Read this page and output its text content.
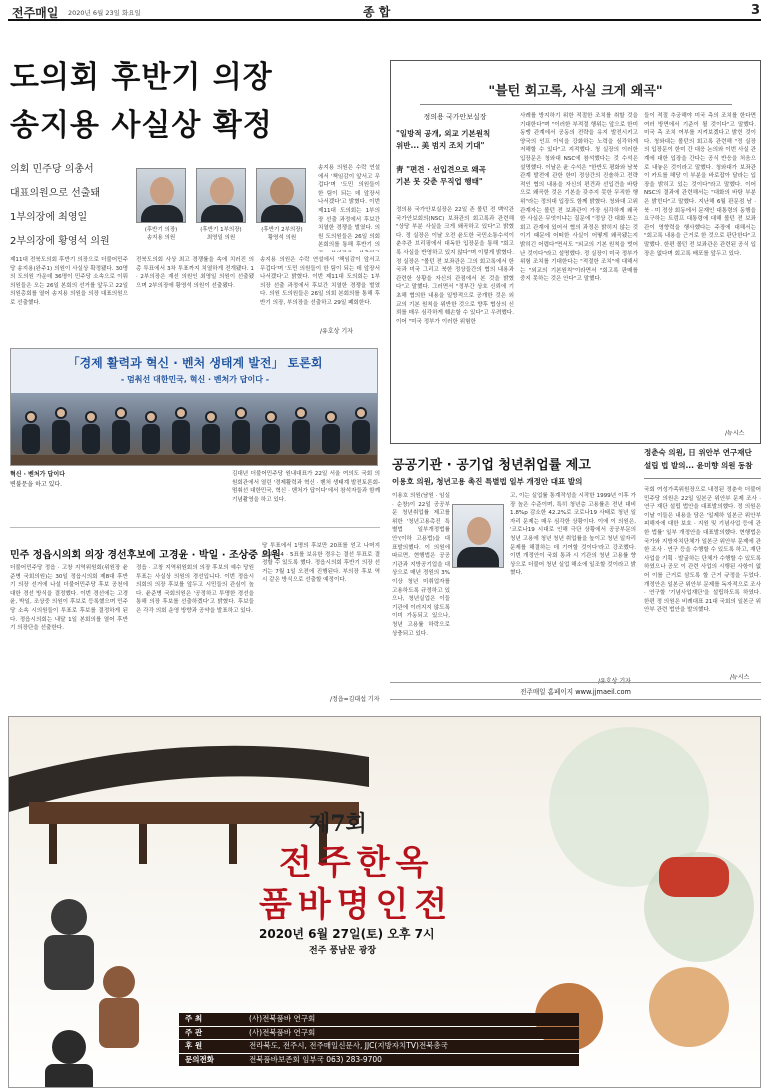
전주매일 2020년 6월 23일 화요일	종 합	3
도의회 후반기 의장
송지용 사실상 확정
의회 민주당 의총서
대표의원으로 선출돼
1부의장에 최영일
2부의장에 황영석 의원
(후반기 의장)
송지용 의원
(후반기 1부의장)
최영일 의원
(후반기 2부의장)
황영석 의원
송지용 의원은 수락 연설에서 '책임감이 앞서고 무겁다'며 '도민 의원들이 한 팀이 되는 데 앞장서 나서겠다'고 밝혔다. 이번 제11대 도의회는 1부의장 선출 과정에서 후보간 치열한 경쟁을 벌였다. 의원 도의원들은 26일 의회 본회의를 통해 후반기 의
제11대 전북도의회 후반기 의장으로 더불어민주당 송지용(완주1) 의원이 사실상 확정됐다. 30명의 도의원 가운데 36명이 민주당 소속으로 이뤄 의원들은 오는 26일 본회의 선거를 앞두고 22일 의원총회를 열어 송지용 의원을 의장 대표의원으로 선출했다.
전북도의회 사상 최고 경쟁률을 속에 치러진 의총 투표에서 3차 투표까지 치열하게 전개됐다. 1 · 2부의장은 재선 의원인 최영일 의원이 선출됐으며 2부의장에 황영석 의원이 선출됐다.
송지용 의원은 수락 연설에서 '책임감이 앞서고 무겁다'며 '도민 의원들이 한 팀이 되는 데 앞장서 나서겠다'고 밝혔다. 이번 제11대 도의회는 1부의장 선출 과정에서 후보간 치열한 경쟁을 벌였다. 의원 도의원들은 26일 의회 본회의를 통해 후반기 의장, 부의장을 선출하고 29일 폐회한다.
/유호상 기자
「경제 활력과 혁신 · 벤처 생태계 발전」 토론회
- 멈춰선 대한민국, 혁신 · 벤처가 답이다 -
혁신 · 벤처가 답이다
변불문을 하고 있다.
김대년 더불어민주당 원내대표가 22일 서울 여의도 국회 의원회관에서 열린 '경제활력과 혁신 · 벤처 생태계 발전토론회-멈춰선 대한민국, 혁신 · 벤처가 답이다'에서 참석자들과 함께 기념촬영을 하고 있다.
민주 정읍시의회 의장 경선후보에 고경윤 · 박일 · 조상중 의원
더불어민주당 정읍 · 고창 지역위원회(위원장 윤준병 국회의원)는 30일 정읍시의회 제8대 후반기 의장 선거에 나설 더불어민주당 후보 공천에 대한 경선 방식을 결정했다. 이번 경선에는 고경윤, 박일, 조상중 의원이 후보로 등록했으며 민주당 소속 시의원들이 투표로 후보를 결정하게 된다. 정읍시의회는 내달 1일 본회의를 열어 후반기 의장단을 선출한다.
정읍 · 고창 지역위원회의 의장 후보의 예수 당원투표는 사실상 의원의 경선입니다. 이번 정읍시의회의 의장 후보를 앞두고 시민들의 관심이 높다. 윤준병 국회의원은 '공정하고 투명한 경선을 통해 의장 후보를 선출하겠다'고 밝혔다. 후보들은 각각 의회 운영 방향과 공약을 발표하고 있다.
당 투표에서 1명의 후보만 20표를 얻고 나머지 후보가 4 · 5표를 보유한 경우는 결선 투표로 결정할 수 있도록 했다. 정읍시의회 후반기 의장 선거는 7월 1일 오전에 진행된다. 부의장 후보 역시 같은 방식으로 선출할 예정이다.
/정읍=김대섭 기자
"블턴 회고록, 사실 크게 왜곡"
정의용 국가안보실장
"일방적 공개, 외교 기본원칙
위반... 美 범지 조치 기대"
靑 "편견 · 선입견으로 왜곡
기본 못 갖춘 무직업 행태"
정의용 국가안보실장은 22일 존 볼턴 전 백악관 국가안보회의(NSC) 보좌관의 회고록과 관련해 "상당 부분 사실을 크게 왜곡하고 있다"고 밝혔다. 정 실장은 이날 오전 윤도한 국민소통수석이 춘추관 브리핑에서 대독한 입장문을 통해 "회고록 사실을 반영하고 있지 않다"며 이렇게 밝혔다. 정 실장은 "볼턴 전 보좌관은 그의 회고록에서 한국과 미국 그리고 북한 정상들간의 협의 내용과 관련한 상황을 자신의 관점에서 본 것을 밝혔다"고 말했다. 그러면서 "정부간 상호 신뢰에 기초해 협의한 내용을 일방적으로 공개한 것은 외교의 기본 원칙을 위반한 것으로 향후 협상의 신뢰를 매우 심각하게 훼손할 수 있다"고 우려했다. 이어 "미국 정부가 이러한 위험한
사례를 방지하기 위한 적절한 조치를 취할 것을 기대한다"며 "이러한 부적절 행위는 앞으로 한미 동맹 관계에서 공동의 전략을 유지 발전시키고 양국의 인프 이익을 강화하는 노력을 심각하게 저해할 수 있다"고 지적했다. 청 실장의 이러한 입장문은 청와대 NSC에 참석했다는 것 수석은 설명했다. 이날은 윤 수석은 "한반도 평화와 남북관계 발전에 관한 한미 정상간의 진솔하고 전략적인 협의 내용을 자신의 편견과 선입견을 바탕으로 왜곡한 것은 기본을 갖추지 못한 무직한 행위"라는 정의대 입장도 함께 밝혔다. 청와대 고위 관계자는 볼턴 전 보좌관이 가장 심각하게 왜곡한 사실은 무엇이냐는 질문에 "정상 간 대화 또는 회고 관계에 있어서 협의 과정은 밝히지 않는 것이기 때문에 어떠한 사실이 어떻게 왜곡됐는지 밝히긴 어렵다"면서도 "외교의 기본 원칙을 벗어난 것이다"라고 설명했다. 정 실장이 미국 정부가 위험 조치를 기대한다는 "적절한 조치"에 대해서는 "외교의 기본원칙"이라면서 "회고록 판매를 중지 못하는 것은 안다"고 말했다.
들이 적절 추궁해야 미국 측의 조치를 한다면 여러 방면에서 기준이 될 것이다"고 말했다. 미국 측 조치 여부를 지켜보겠다고 밝힌 것이다. 청와대는 볼턴의 회고록 관련해 "정 실장의 입장문이 한미 간 대응 논의와 이번 사실 관계에 대한 입장을 간다는 공식 반응을 처음으로 내놓은 것이라고 말했다. 청와대가 보좌관이 카트를 해당 이 부분을 바로잡아 달라는 입장을 밝히고 있는 것이다"라고 말했다. 이어 NSC의 결과에 관련해서는 "대화의 바탕 부분은 밝힌다"고 말했다. 지난해 6월 판문점 남 · 북 · 미 정상 회동에서 문재인 대통령의 동행을 요구하는 트럼프 대통령에 대해 볼턴 전 보좌관이 영향력을 행사했다는 주장에 대해서는 "회고록 내용을 근거로 한 것으로 판단한다"고 말했다. 한편 볼턴 전 보좌관은 관련된 공식 입장은 없다며 회고록 배포를 앞두고 있다.
/뉴시스
공공기관 · 공기업 청년취업률 제고
이용호 의원, 청년고용 촉진 특별법 일부 개정안 대표 발의
이용호 의원(남원 · 임실 · 순창)이 22일 공공부문 청년취업률 제고를 위한 '청년고용촉진 특별법 일부개정법률안'(이하 고용법)을 대표발의했다. 이 의원에 따르면, 현행법은 공공기관과 지방공기업을 대상으로 매년 정원의 3% 이상 청년 미취업자를 고용하도록 규정하고 있으나, 청년실업은 이들 기관에 이러지지 않도록 이미 가동되고 있으나, 청년 고용률 하락으로 상충되고 있다.
고, 이는 실업률 통계작성을 시작한 1999년 이후 가장 높은 수준이며, 특히 청년층 고용률은 전년 대비 1.8%p 감소한 42.2%로 코로나19 사태로 청년 일자리 문제는 매우 심각한 상황이다. 이에 이 의원은, '코로나19 시대로 인해 극단 상황에서 공공부문의 청년 고용에 청년 청년 취업률을 높이고 청년 일자리 문제를 해결하는 데 기여할 것이다'라고 강조했다. 이번 개정안이 국회 통과 시 기관의 청년 고용률 향상으로 더불어 청년 실업 해소에 일조할 것이라고 밝혔다.
/유호상 기자
전주매일 홈페이지 www.jjmaeil.com
정춘숙 의원, 日 위안부 연구재단
설립 법 발의... 윤미향 의원 동참
국회 여성가족위원장으로 내정된 정춘숙 더불어민주당 의원은 22일 일본군 위안부 문제 조사 · 연구 재단 설립 법안을 대표발의했다. 정 의원은 이날 이들은 내용을 담은 '일제하 일본군 위안부 피해자에 대한 보호 · 지원 및 기념사업 등에 관한 법률' 일부 개정안을 대표발의했다. 현행법은 국가와 지방자치단체가 일본군 위안부 문제에 관한 조사 · 연구 등을 수행할 수 있도록 하고, 재단 사업을 기획 · 발굴하는 단체가 수행할 수 있도록 하였으나 공모 이 관련 사업의 시행된 사항이 없어 이를 근거로 삼도록 할 근거 규정을 두었다. 개정안은 일본군 위안부 문제를 독자적으로 조사 · 연구할 '기념사업재단'을 설립하도록 하였다. 한편 정 의원은 비례대표 21대 국회의 일본군 위안부 관련 법안을 발의했다.
/뉴시스
제7회
전주한옥
품바명인전
2020년 6월 27일(토) 오후 7시
전주 풍남문 광장
주 최	(사)전북품바 연구회
주 관	(사)전북품바 연구회
후 원	전라북도, 전주시, 전주매일신문사, JJC(지방자치TV)전북총국
문의전화	전북품바보존회 임부국 063) 283-9700
